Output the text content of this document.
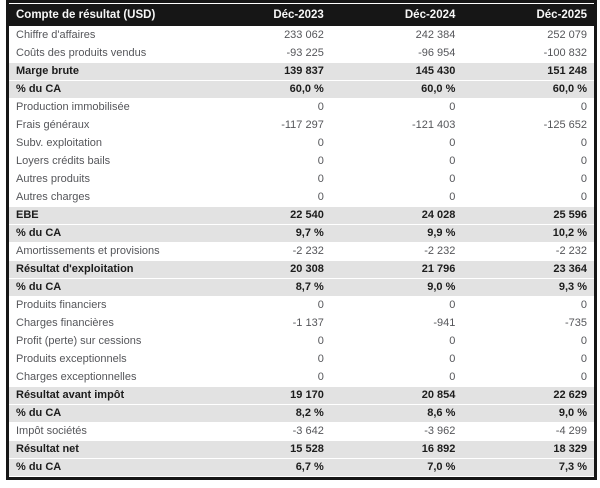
Compte de résultat (USD)	Déc-2023	Déc-2024	Déc-2025
Chiffre d'affaires	233 062	242 384	252 079
Coûts des produits vendus	-93 225	-96 954	-100 832
Marge brute	139 837	145 430	151 248
% du CA	60,0 %	60,0 %	60,0 %
Production immobilisée	0	0	0
Frais généraux	-117 297	-121 403	-125 652
Subv. exploitation	0	0	0
Loyers crédits bails	0	0	0
Autres produits	0	0	0
Autres charges	0	0	0
EBE	22 540	24 028	25 596
% du CA	9,7 %	9,9 %	10,2 %
Amortissements et provisions	-2 232	-2 232	-2 232
Résultat d'exploitation	20 308	21 796	23 364
% du CA	8,7 %	9,0 %	9,3 %
Produits financiers	0	0	0
Charges financières	-1 137	-941	-735
Profit (perte) sur cessions	0	0	0
Produits exceptionnels	0	0	0
Charges exceptionnelles	0	0	0
Résultat avant impôt	19 170	20 854	22 629
% du CA	8,2 %	8,6 %	9,0 %
Impôt sociétés	-3 642	-3 962	-4 299
Résultat net	15 528	16 892	18 329
% du CA	6,7 %	7,0 %	7,3 %
